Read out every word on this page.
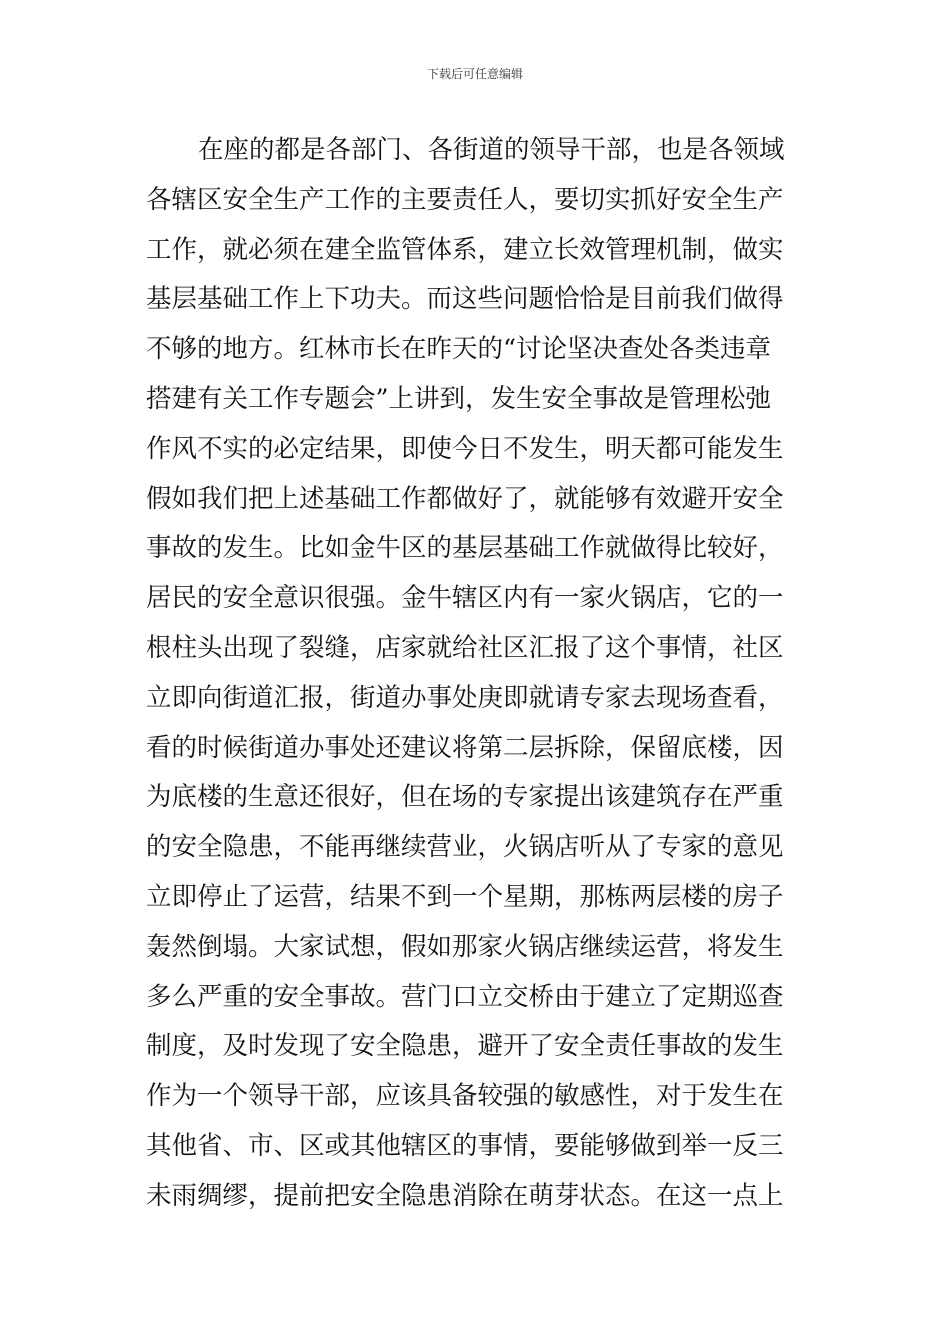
下载后可任意编辑
在座的都是各部门、各街道的领导干部，也是各领域
各辖区安全生产工作的主要责任人，要切实抓好安全生产
工作，就必须在建全监管体系，建立长效管理机制，做实
基层基础工作上下功夫。而这些问题恰恰是目前我们做得
不够的地方。红林市长在昨天的“讨论坚决查处各类违章
搭建有关工作专题会”上讲到，发生安全事故是管理松弛
作风不实的必定结果，即使今日不发生，明天都可能发生
假如我们把上述基础工作都做好了，就能够有效避开安全
事故的发生。比如金牛区的基层基础工作就做得比较好，
居民的安全意识很强。金牛辖区内有一家火锅店，它的一
根柱头出现了裂缝，店家就给社区汇报了这个事情，社区
立即向街道汇报，街道办事处庚即就请专家去现场查看，
看的时候街道办事处还建议将第二层拆除，保留底楼，因
为底楼的生意还很好，但在场的专家提出该建筑存在严重
的安全隐患，不能再继续营业，火锅店听从了专家的意见
立即停止了运营，结果不到一个星期，那栋两层楼的房子
轰然倒塌。大家试想，假如那家火锅店继续运营，将发生
多么严重的安全事故。营门口立交桥由于建立了定期巡查
制度，及时发现了安全隐患，避开了安全责任事故的发生
作为一个领导干部，应该具备较强的敏感性，对于发生在
其他省、市、区或其他辖区的事情，要能够做到举一反三
未雨绸缪，提前把安全隐患消除在萌芽状态。在这一点上
